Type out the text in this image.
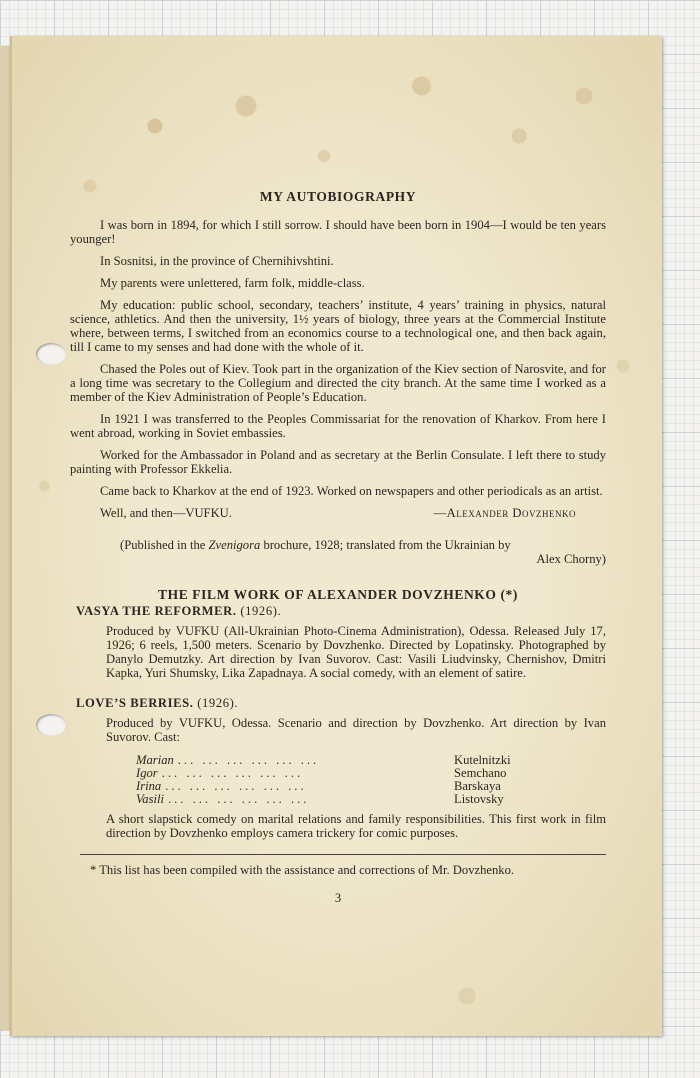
MY AUTOBIOGRAPHY

I was born in 1894, for which I still sorrow. I should have been born in 1904—I would be ten years younger!

In Sosnitsi, in the province of Chernihivshtini.

My parents were unlettered, farm folk, middle-class.

My education: public school, secondary, teachers’ institute, 4 years’ training in physics, natural science, athletics. And then the university, 1½ years of biology, three years at the Commercial Institute where, between terms, I switched from an economics course to a technological one, and then back again, till I came to my senses and had done with the whole of it.

Chased the Poles out of Kiev. Took part in the organization of the Kiev section of Narosvite, and for a long time was secretary to the Collegium and directed the city branch. At the same time I worked as a member of the Kiev Administration of People’s Education.

In 1921 I was transferred to the Peoples Commissariat for the renovation of Kharkov. From here I went abroad, working in Soviet embassies.

Worked for the Ambassador in Poland and as secretary at the Berlin Consulate. I left there to study painting with Professor Ekkelia.

Came back to Kharkov at the end of 1923. Worked on newspapers and other periodicals as an artist.

Well, and then—VUFKU.	—Alexander Dovzhenko
(Published in the Zvenigora brochure, 1928; translated from the Ukrainian by
Alex Chorny)
THE FILM WORK OF ALEXANDER DOVZHENKO (*)
VASYA THE REFORMER. (1926).
Produced by VUFKU (All-Ukrainian Photo-Cinema Administration), Odessa. Released July 17, 1926; 6 reels, 1,500 meters. Scenario by Dovzhenko. Directed by Lopatinsky. Photographed by Danylo Demutzky. Art direction by Ivan Suvorov. Cast: Vasili Liudvinsky, Chernishov, Dmitri Kapka, Yuri Shumsky, Lika Zapadnaya. A social comedy, with an element of satire.
LOVE’S BERRIES. (1926).
Produced by VUFKU, Odessa. Scenario and direction by Dovzhenko. Art direction by Ivan Suvorov. Cast:
Marian ... ... ... ... ... ...	Kutelnitzki
Igor ... ... ... ... ... ...	Semchano
Irina ... ... ... ... ... ...	Barskaya
Vasili ... ... ... ... ... ...	Listovsky
A short slapstick comedy on marital relations and family responsibilities. This first work in film direction by Dovzhenko employs camera trickery for comic purposes.
* This list has been compiled with the assistance and corrections of Mr. Dovzhenko.
3
